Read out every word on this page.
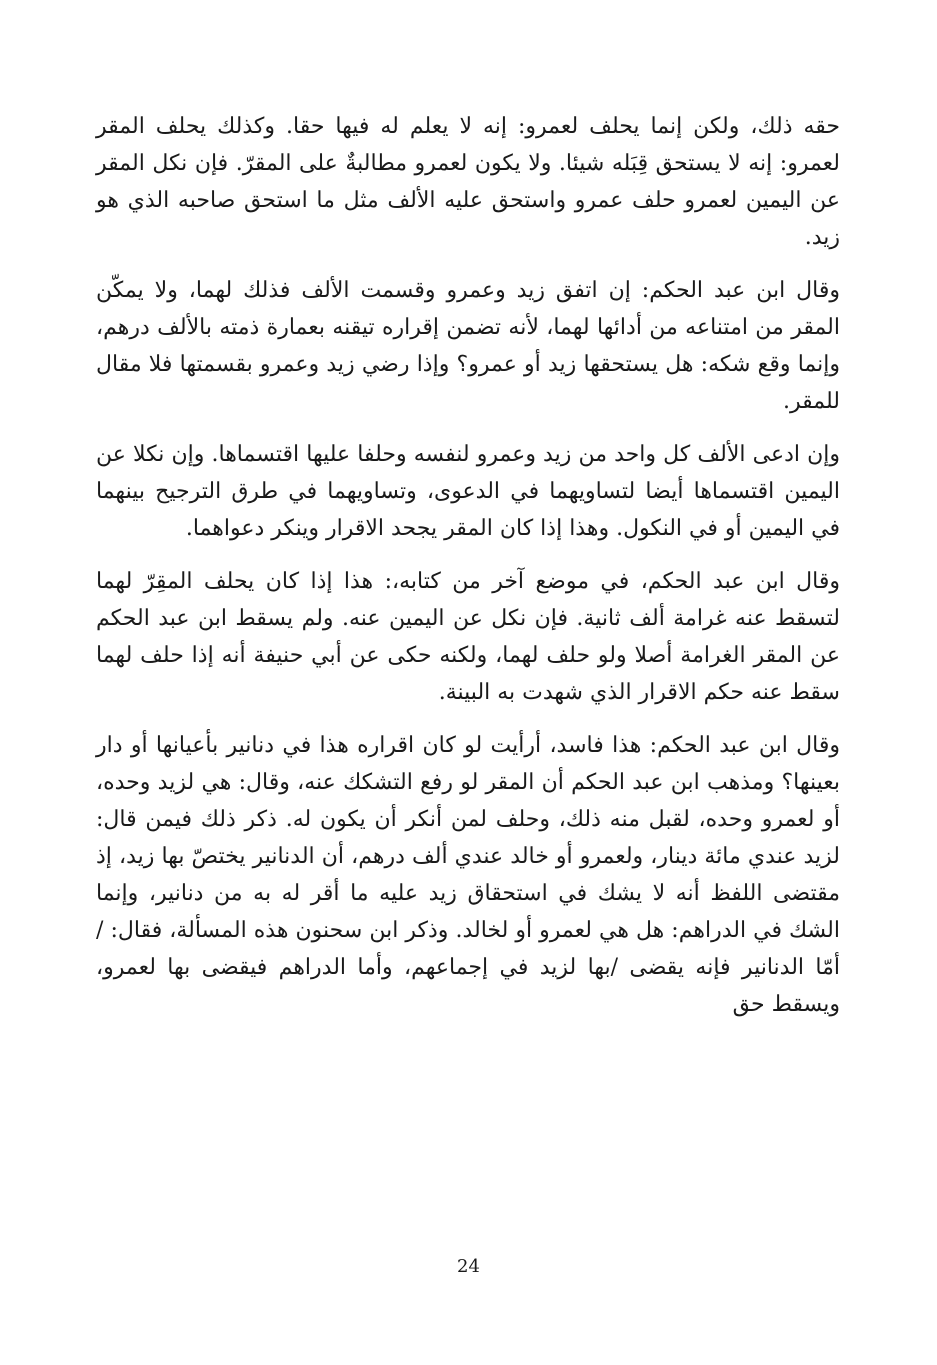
حقه ذلك، ولكن إنما يحلف لعمرو: إنه لا يعلم له فيها حقا. وكذلك يحلف المقر لعمرو: إنه لا يستحق قِبَله شيئا. ولا يكون لعمرو مطالبةٌ على المقرّ. فإن نكل المقر عن اليمين لعمرو حلف عمرو واستحق عليه الألف مثل ما استحق صاحبه الذي هو زيد.

وقال ابن عبد الحكم: إن اتفق زيد وعمرو وقسمت الألف فذلك لهما، ولا يمكّن المقر من امتناعه من أدائها لهما، لأنه تضمن إقراره تيقنه بعمارة ذمته بالألف درهم، وإنما وقع شكه: هل يستحقها زيد أو عمرو؟ وإذا رضي زيد وعمرو بقسمتها فلا مقال للمقر.

وإن ادعى الألف كل واحد من زيد وعمرو لنفسه وحلفا عليها اقتسماها. وإن نكلا عن اليمين اقتسماها أيضا لتساويهما في الدعوى، وتساويهما في طرق الترجيح بينهما في اليمين أو في النكول. وهذا إذا كان المقر يجحد الاقرار وينكر دعواهما.

وقال ابن عبد الحكم، في موضع آخر من كتابه،: هذا إذا كان يحلف المقِرّ لهما لتسقط عنه غرامة ألف ثانية. فإن نكل عن اليمين عنه. ولم يسقط ابن عبد الحكم عن المقر الغرامة أصلا ولو حلف لهما، ولكنه حكى عن أبي حنيفة أنه إذا حلف لهما سقط عنه حكم الاقرار الذي شهدت به البينة.

وقال ابن عبد الحكم: هذا فاسد، أرأيت لو كان اقراره هذا في دنانير بأعيانها أو دار بعينها؟ ومذهب ابن عبد الحكم أن المقر لو رفع التشكك عنه، وقال: هي لزيد وحده، أو لعمرو وحده، لقبل منه ذلك، وحلف لمن أنكر أن يكون له. ذكر ذلك فيمن قال: لزيد عندي مائة دينار، ولعمرو أو خالد عندي ألف درهم، أن الدنانير يختصّ بها زيد، إذ مقتضى اللفظ أنه لا يشك في استحقاق زيد عليه ما أقر له به من دنانير، وإنما الشك في الدراهم: هل هي لعمرو أو لخالد. وذكر ابن سحنون هذه المسألة، فقال: / أمّا الدنانير فإنه يقضى /بها لزيد في إجماعهم، وأما الدراهم فيقضى بها لعمرو، ويسقط حق

24
